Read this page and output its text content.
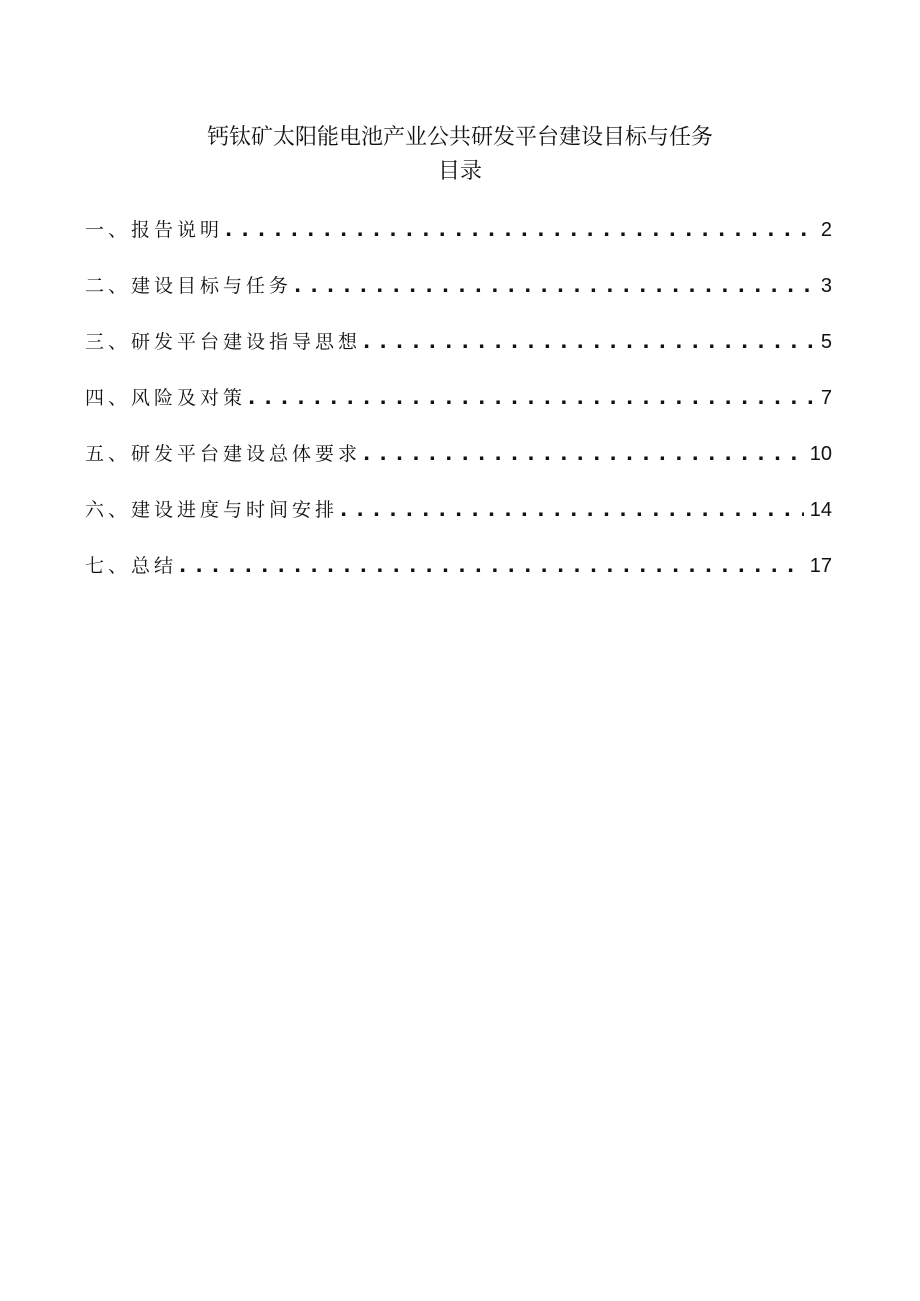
钙钛矿太阳能电池产业公共研发平台建设目标与任务
目录
一、报告说明 . . .	2
二、建设目标与任务 . . .	3
三、研发平台建设指导思想 . . .	5
四、风险及对策 . . .	7
五、研发平台建设总体要求 . . .	10
六、建设进度与时间安排 . . .	14
七、总结 . . .	17
